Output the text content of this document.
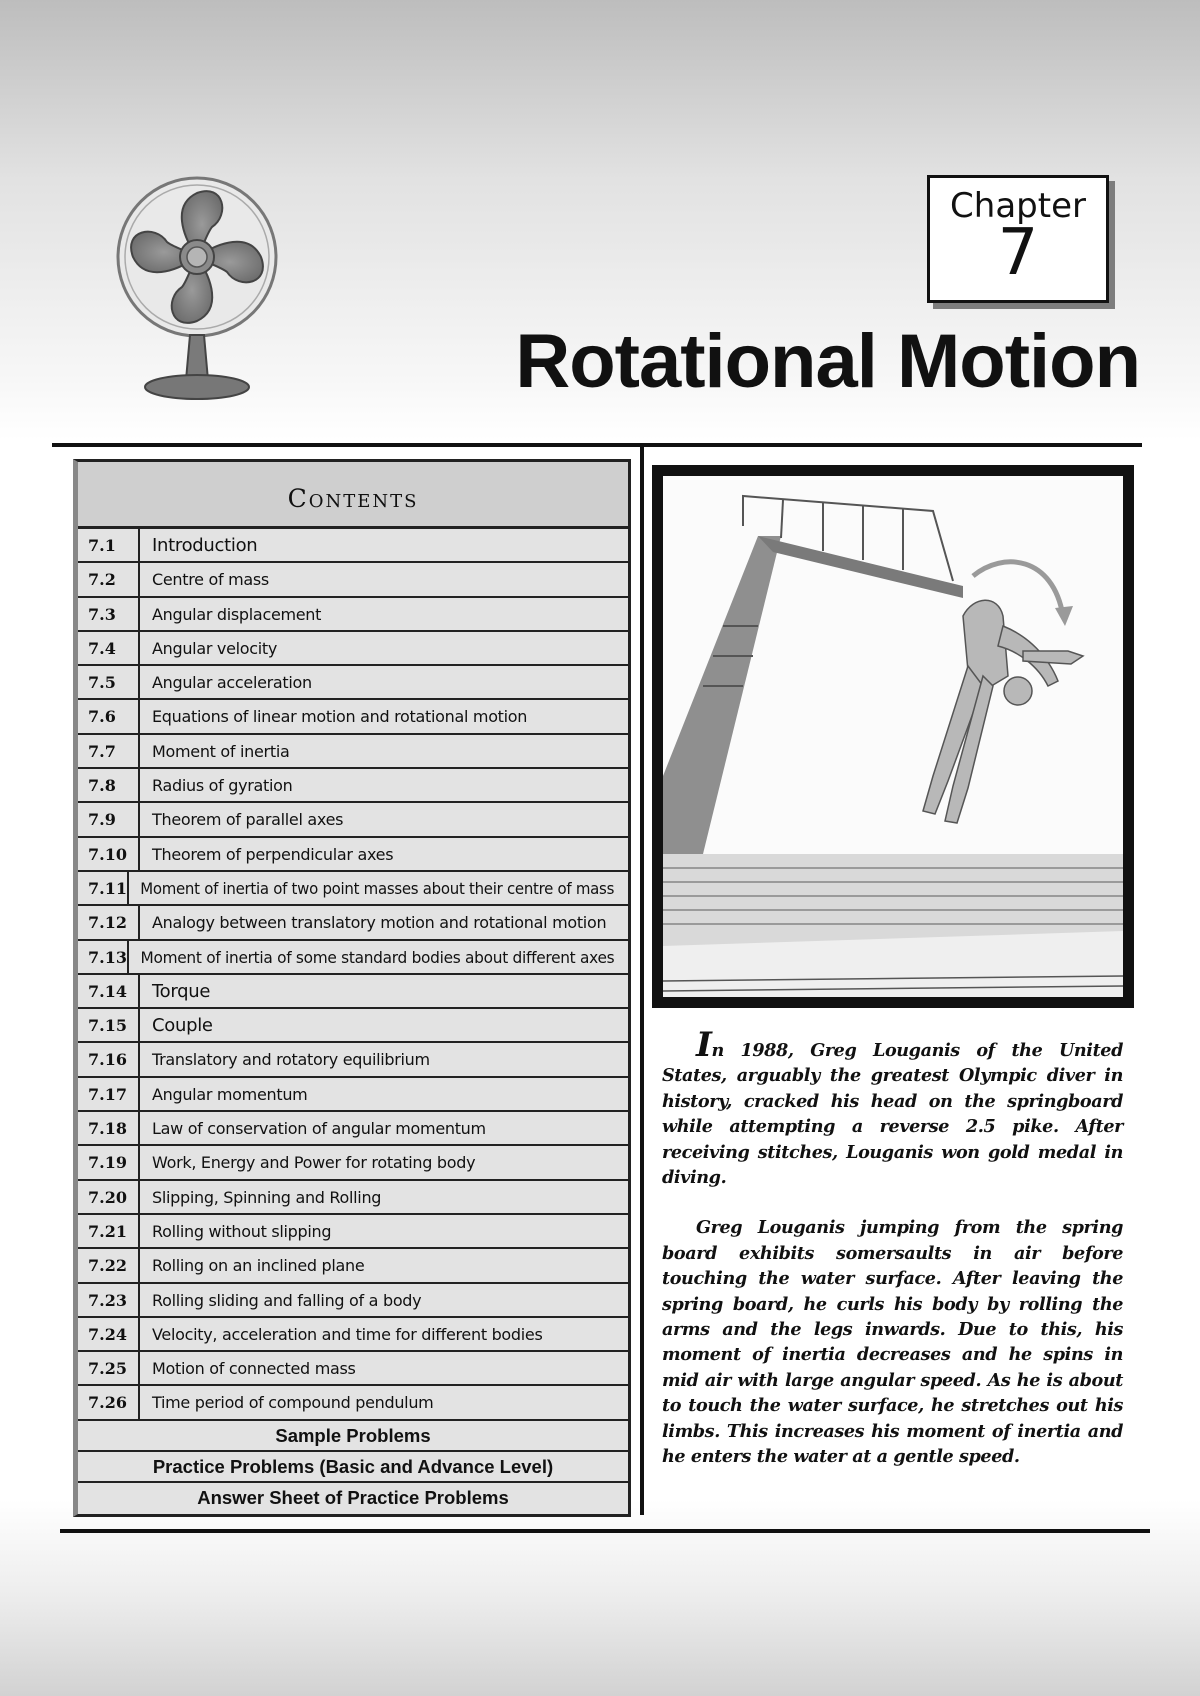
Chapter
7
Rotational Motion
Contents
7.1	Introduction
7.2	Centre of mass
7.3	Angular displacement
7.4	Angular velocity
7.5	Angular acceleration
7.6	Equations of linear motion and rotational motion
7.7	Moment of inertia
7.8	Radius of gyration
7.9	Theorem of parallel axes
7.10	Theorem of perpendicular axes
7.11 Moment of inertia of two point masses about their centre of mass
7.12	Analogy between translatory motion and rotational motion
7.13 Moment of inertia of some standard bodies about different axes
7.14	Torque
7.15	Couple
7.16	Translatory and rotatory equilibrium
7.17	Angular momentum
7.18	Law of conservation of angular momentum
7.19	Work, Energy and Power for rotating body
7.20	Slipping, Spinning and Rolling
7.21	Rolling without slipping
7.22	Rolling on an inclined plane
7.23	Rolling sliding and falling of a body
7.24	Velocity, acceleration and time for different bodies
7.25	Motion of connected mass
7.26	Time period of compound pendulum
Sample Problems
Practice Problems (Basic and Advance Level)
Answer Sheet of Practice Problems

In 1988, Greg Louganis of the United States, arguably the greatest Olympic diver in history, cracked his head on the springboard while attempting a reverse 2.5 pike. After receiving stitches, Louganis won gold medal in diving.

Greg Louganis jumping from the spring board exhibits somersaults in air before touching the water surface. After leaving the spring board, he curls his body by rolling the arms and the legs inwards. Due to this, his moment of inertia decreases and he spins in mid air with large angular speed. As he is about to touch the water surface, he stretches out his limbs. This increases his moment of inertia and he enters the water at a gentle speed.
